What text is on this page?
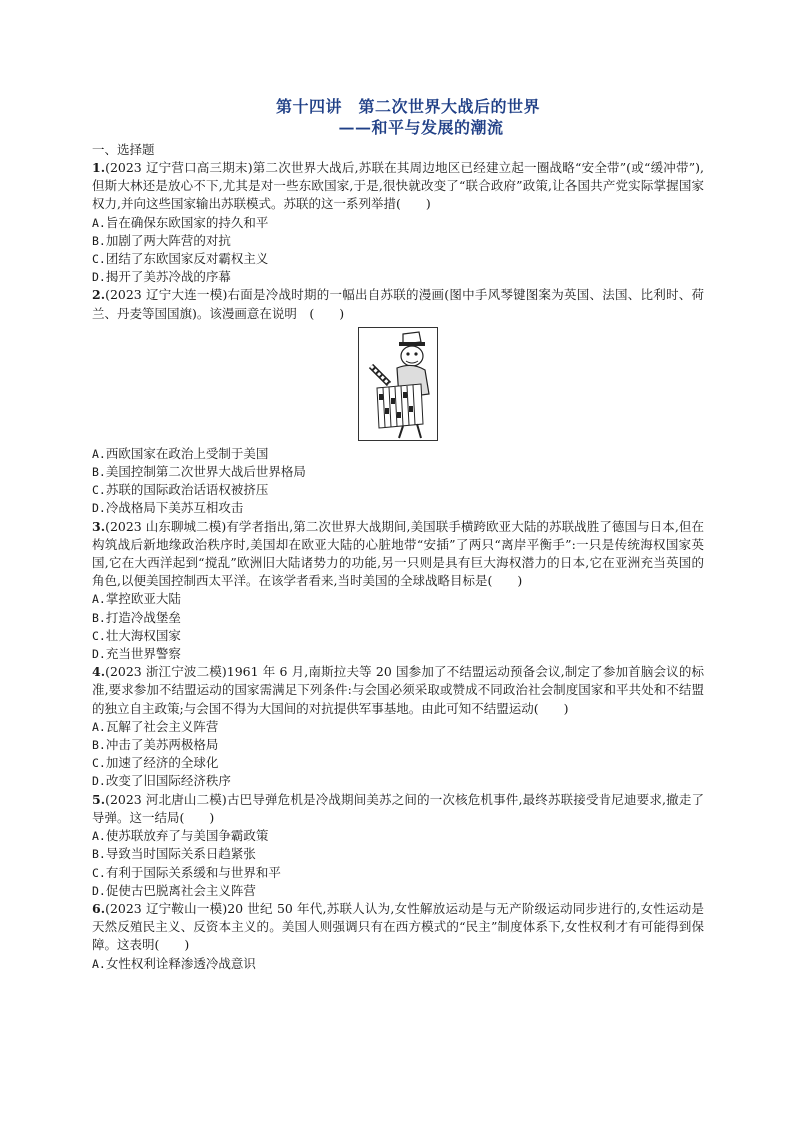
第十四讲　第二次世界大战后的世界
——和平与发展的潮流
一、选择题
1.(2023 辽宁营口高三期末)第二次世界大战后,苏联在其周边地区已经建立起一圈战略“安全带”(或“缓冲带”),但斯大林还是放心不下,尤其是对一些东欧国家,于是,很快就改变了“联合政府”政策,让各国共产党实际掌握国家权力,并向这些国家输出苏联模式。苏联的这一系列举措(　　)
A.旨在确保东欧国家的持久和平
B.加剧了两大阵营的对抗
C.团结了东欧国家反对霸权主义
D.揭开了美苏冷战的序幕
2.(2023 辽宁大连一模)右面是冷战时期的一幅出自苏联的漫画(图中手风琴键图案为英国、法国、比利时、荷兰、丹麦等国国旗)。该漫画意在说明　(　　)
A.西欧国家在政治上受制于美国
B.美国控制第二次世界大战后世界格局
C.苏联的国际政治话语权被挤压
D.冷战格局下美苏互相攻击
3.(2023 山东聊城二模)有学者指出,第二次世界大战期间,美国联手横跨欧亚大陆的苏联战胜了德国与日本,但在构筑战后新地缘政治秩序时,美国却在欧亚大陆的心脏地带“安插”了两只“离岸平衡手”:一只是传统海权国家英国,它在大西洋起到“搅乱”欧洲旧大陆诸势力的功能,另一只则是具有巨大海权潜力的日本,它在亚洲充当英国的角色,以便美国控制西太平洋。在该学者看来,当时美国的全球战略目标是(　　)
A.掌控欧亚大陆
B.打造冷战堡垒
C.壮大海权国家
D.充当世界警察
4.(2023 浙江宁波二模)1961 年 6 月,南斯拉夫等 20 国参加了不结盟运动预备会议,制定了参加首脑会议的标准,要求参加不结盟运动的国家需满足下列条件:与会国必须采取或赞成不同政治社会制度国家和平共处和不结盟的独立自主政策;与会国不得为大国间的对抗提供军事基地。由此可知不结盟运动(　　)
A.瓦解了社会主义阵营
B.冲击了美苏两极格局
C.加速了经济的全球化
D.改变了旧国际经济秩序
5.(2023 河北唐山二模)古巴导弹危机是冷战期间美苏之间的一次核危机事件,最终苏联接受肯尼迪要求,撤走了导弹。这一结局(　　)
A.使苏联放弃了与美国争霸政策
B.导致当时国际关系日趋紧张
C.有利于国际关系缓和与世界和平
D.促使古巴脱离社会主义阵营
6.(2023 辽宁鞍山一模)20 世纪 50 年代,苏联人认为,女性解放运动是与无产阶级运动同步进行的,女性运动是天然反殖民主义、反资本主义的。美国人则强调只有在西方模式的“民主”制度体系下,女性权利才有可能得到保障。这表明(　　)
A.女性权利诠释渗透冷战意识
